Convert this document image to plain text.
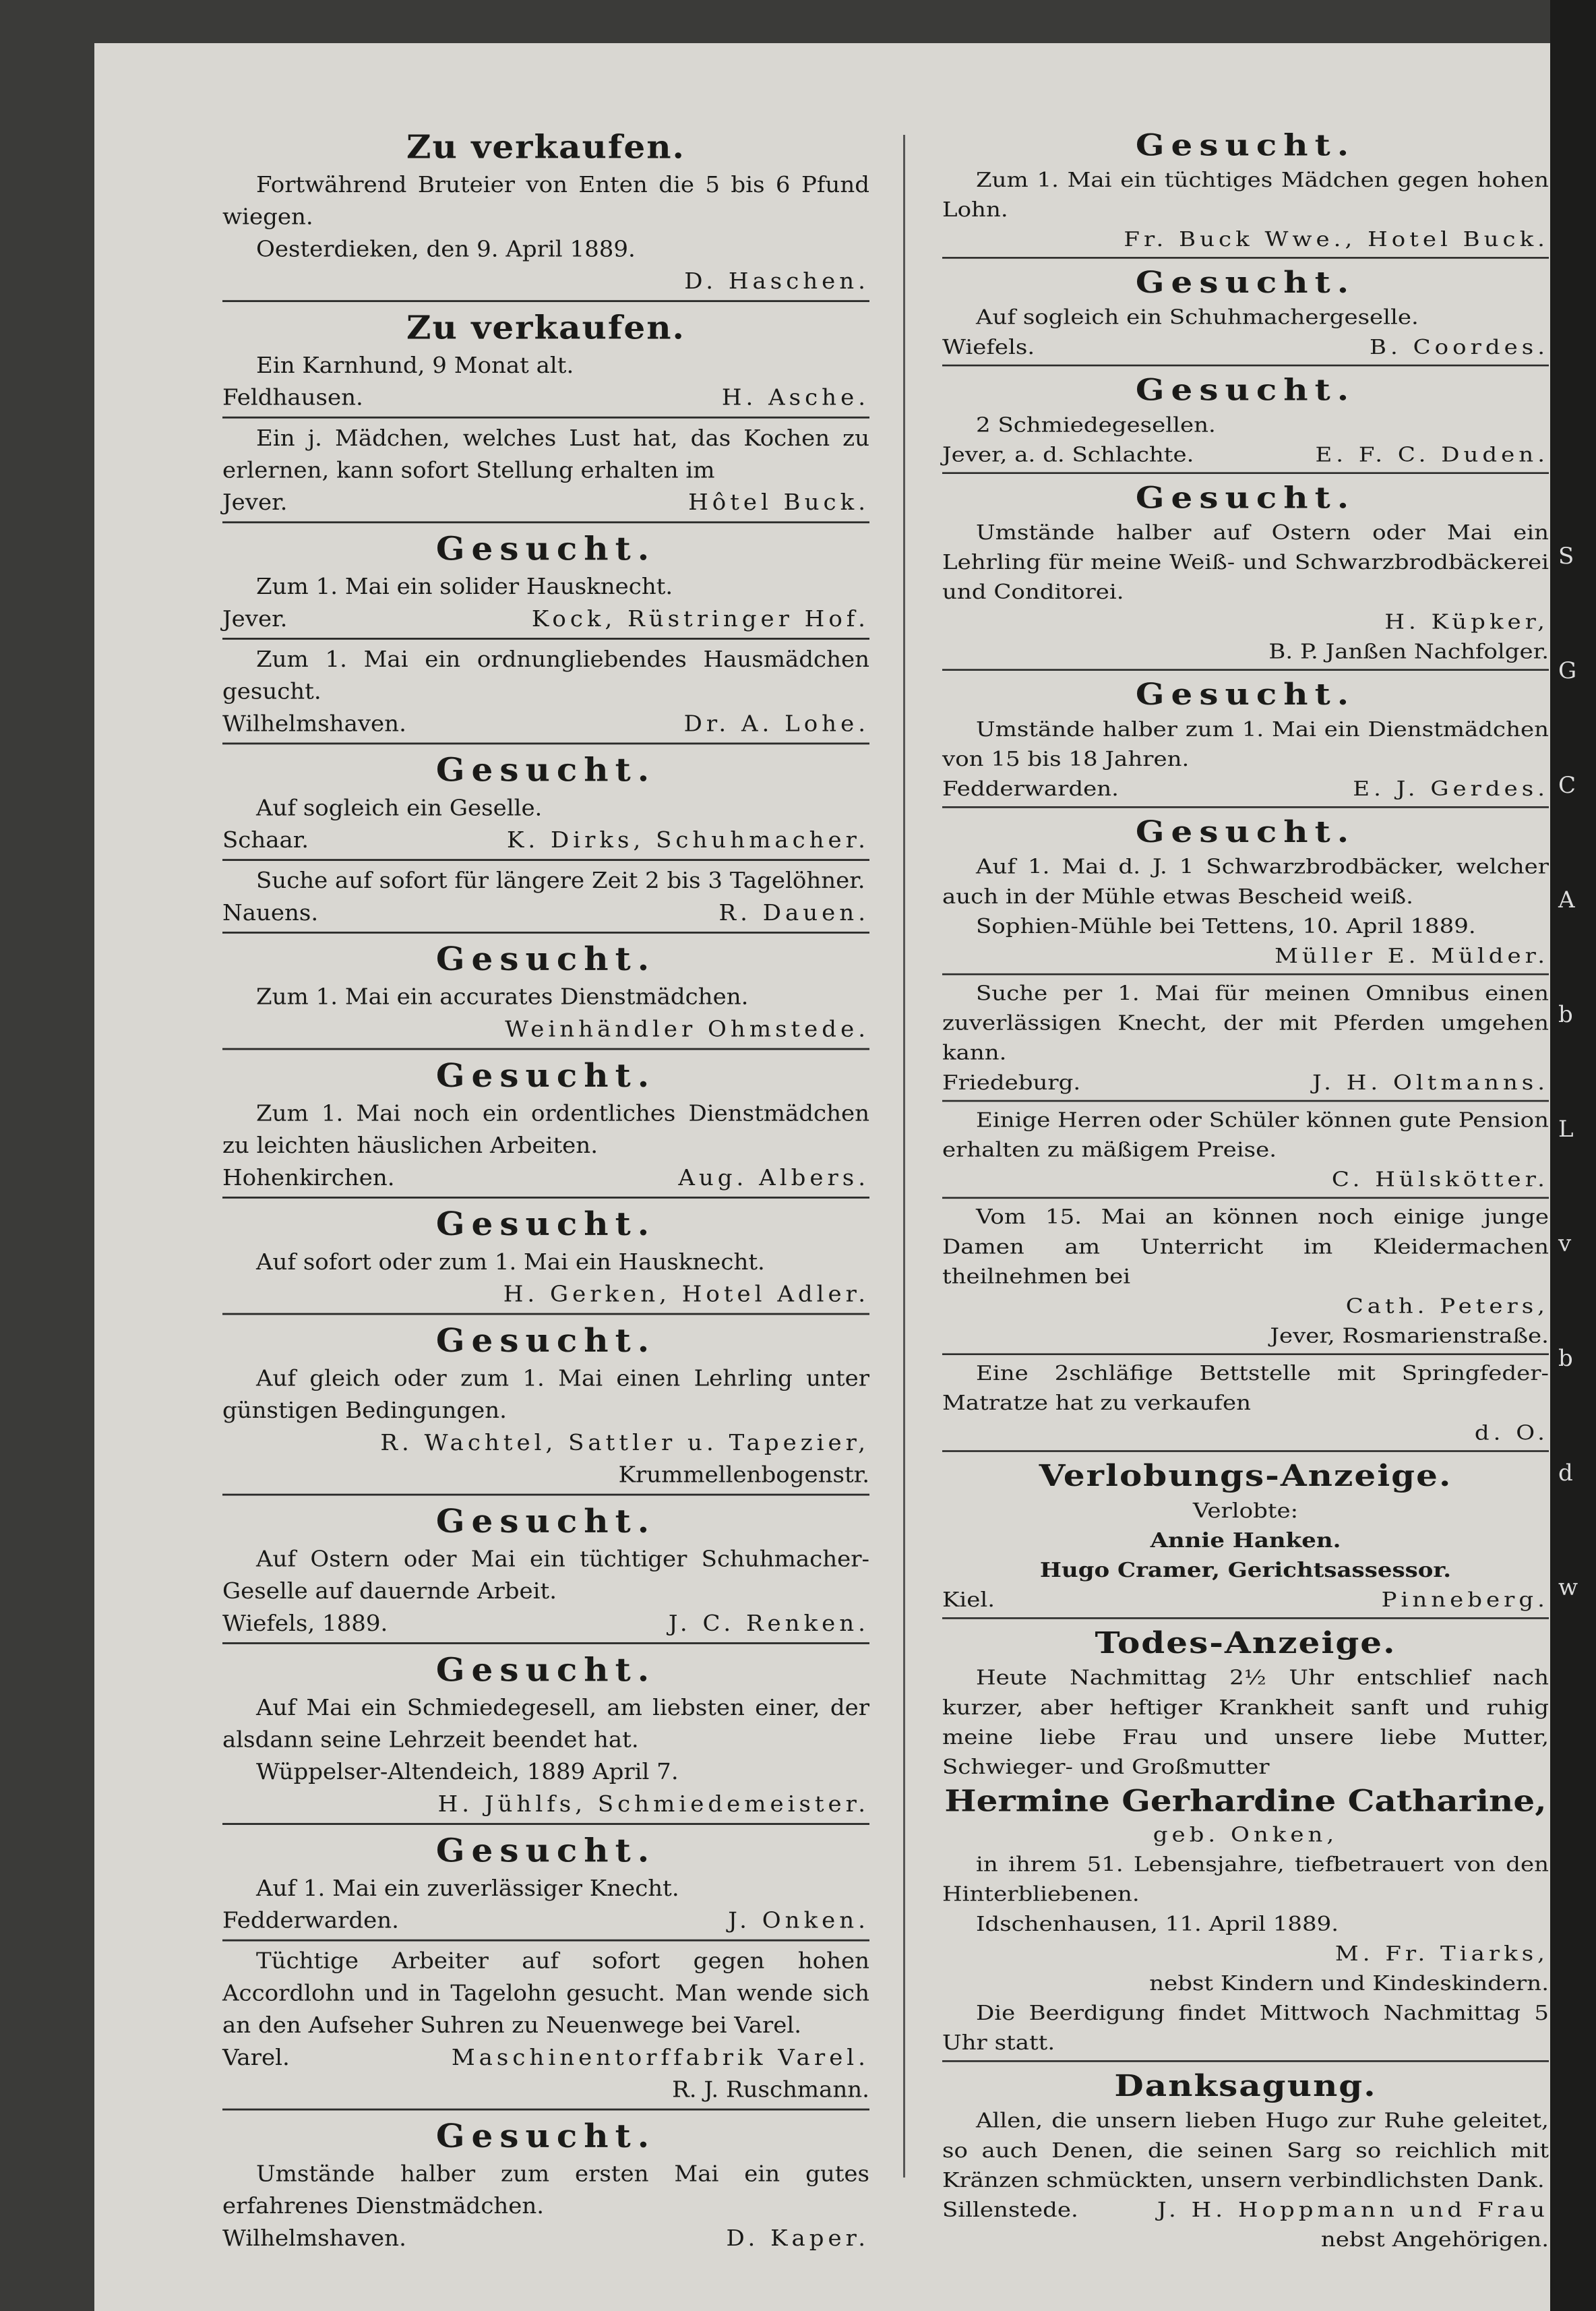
Zu verkaufen.
Fortwährend Bruteier von Enten die 5 bis 6 Pfund wiegen.
Oesterdieken, den 9. April 1889.
D. Haschen.
Zu verkaufen.
Ein Karnhund, 9 Monat alt.
Feldhausen.	H. Asche.
Ein j. Mädchen, welches Lust hat, das Kochen zu erlernen, kann sofort Stellung erhalten im
Jever.	Hôtel Buck.
Gesucht.
Zum 1. Mai ein solider Hausknecht.
Jever.	Kock, Rüstringer Hof.
Zum 1. Mai ein ordnungliebendes Hausmädchen gesucht.
Wilhelmshaven.	Dr. A. Lohe.
Gesucht.
Auf sogleich ein Geselle.
Schaar.	K. Dirks, Schuhmacher.
Suche auf sofort für längere Zeit 2 bis 3 Tagelöhner.
Nauens.	R. Dauen.
Gesucht.
Zum 1. Mai ein accurates Dienstmädchen.
Weinhändler Ohmstede.
Gesucht.
Zum 1. Mai noch ein ordentliches Dienstmädchen zu leichten häuslichen Arbeiten.
Hohenkirchen.	Aug. Albers.
Gesucht.
Auf sofort oder zum 1. Mai ein Hausknecht.
H. Gerken, Hotel Adler.
Gesucht.
Auf gleich oder zum 1. Mai einen Lehrling unter günstigen Bedingungen.
R. Wachtel, Sattler u. Tapezier,
Krummellenbogenstr.
Gesucht.
Auf Ostern oder Mai ein tüchtiger Schuhmacher-Geselle auf dauernde Arbeit.
Wiefels, 1889.	J. C. Renken.
Gesucht.
Auf Mai ein Schmiedegesell, am liebsten einer, der alsdann seine Lehrzeit beendet hat.
Wüppelser-Altendeich, 1889 April 7.
H. Jühlfs, Schmiedemeister.
Gesucht.
Auf 1. Mai ein zuverlässiger Knecht.
Fedderwarden.	J. Onken.
Tüchtige Arbeiter auf sofort gegen hohen Accordlohn und in Tagelohn gesucht. Man wende sich an den Aufseher Suhren zu Neuenwege bei Varel.
Varel.	Maschinentorffabrik Varel.
R. J. Ruschmann.
Gesucht.
Umstände halber zum ersten Mai ein gutes erfahrenes Dienstmädchen.
Wilhelmshaven.	D. Kaper.
Gesucht.
Zum 1. Mai ein tüchtiges Mädchen gegen hohen Lohn.
Fr. Buck Wwe., Hotel Buck.
Gesucht.
Auf sogleich ein Schuhmachergeselle.
Wiefels.	B. Coordes.
Gesucht.
2 Schmiedegesellen.
Jever, a. d. Schlachte.	E. F. C. Duden.
Gesucht.
Umstände halber auf Ostern oder Mai ein Lehrling für meine Weiß- und Schwarzbrodbäckerei und Conditorei.
H. Küpker,
B. P. Janßen Nachfolger.
Gesucht.
Umstände halber zum 1. Mai ein Dienstmädchen von 15 bis 18 Jahren.
Fedderwarden.	E. J. Gerdes.
Gesucht.
Auf 1. Mai d. J. 1 Schwarzbrodbäcker, welcher auch in der Mühle etwas Bescheid weiß.
Sophien-Mühle bei Tettens, 10. April 1889.
Müller E. Mülder.
Suche per 1. Mai für meinen Omnibus einen zuverlässigen Knecht, der mit Pferden umgehen kann.
Friedeburg.	J. H. Oltmanns.
Einige Herren oder Schüler können gute Pension erhalten zu mäßigem Preise.
C. Hülskötter.
Vom 15. Mai an können noch einige junge Damen am Unterricht im Kleidermachen theilnehmen bei
Cath. Peters,
Jever, Rosmarienstraße.
Eine 2schläfige Bettstelle mit Springfeder-Matratze hat zu verkaufen
d. O.
Verlobungs-Anzeige.
Verlobte:
Annie Hanken.
Hugo Cramer, Gerichtsassessor.
Kiel.	Pinneberg.
Todes-Anzeige.
Heute Nachmittag 2½ Uhr entschlief nach kurzer, aber heftiger Krankheit sanft und ruhig meine liebe Frau und unsere liebe Mutter, Schwieger- und Großmutter
Hermine Gerhardine Catharine,
geb. Onken,
in ihrem 51. Lebensjahre, tiefbetrauert von den Hinterbliebenen.
Idschenhausen, 11. April 1889.
M. Fr. Tiarks,
nebst Kindern und Kindeskindern.
Die Beerdigung findet Mittwoch Nachmittag 5 Uhr statt.
Danksagung.
Allen, die unsern lieben Hugo zur Ruhe geleitet, so auch Denen, die seinen Sarg so reichlich mit Kränzen schmückten, unsern verbindlichsten Dank.
Sillenstede.	J. H. Hoppmann und Frau
nebst Angehörigen.
S
G
C
A
b
L
v
b
d
w
